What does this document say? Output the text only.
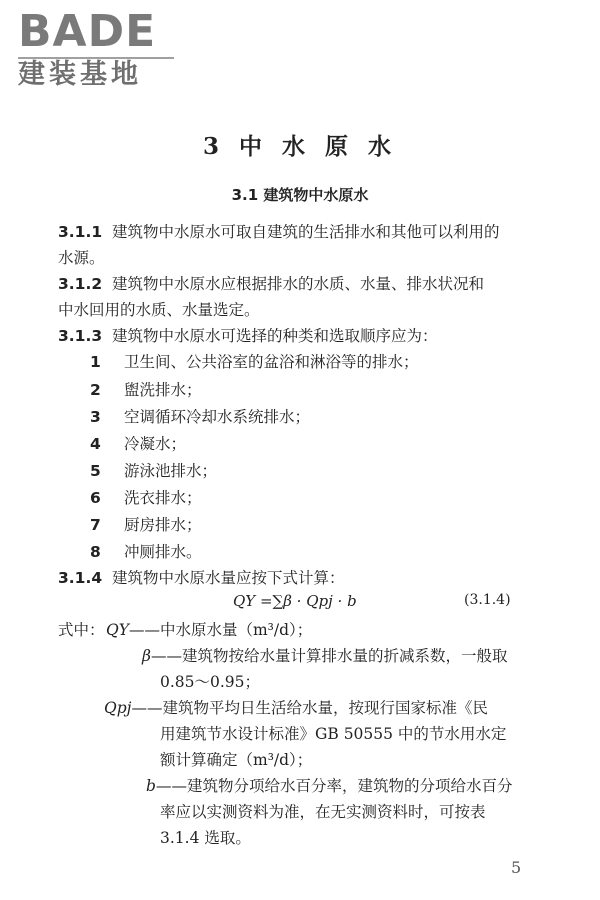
BADE
建装基地
3 中 水 原 水
3.1 建筑物中水原水
3.1.1 建筑物中水原水可取自建筑的生活排水和其他可以利用的
水源。
3.1.2 建筑物中水原水应根据排水的水质、水量、排水状况和
中水回用的水质、水量选定。
3.1.3 建筑物中水原水可选择的种类和选取顺序应为：
1 卫生间、公共浴室的盆浴和淋浴等的排水；
2 盥洗排水；
3 空调循环冷却水系统排水；
4 冷凝水；
5 游泳池排水；
6 洗衣排水；
7 厨房排水；
8 冲厕排水。
3.1.4 建筑物中水原水量应按下式计算：
QY =∑β · Qpj · b	(3.1.4)
式中： QY——中水原水量（m³/d）；
β——建筑物按给水量计算排水量的折减系数，一般取
0.85～0.95；
Qpj——建筑物平均日生活给水量，按现行国家标准《民
用建筑节水设计标准》GB 50555 中的节水用水定
额计算确定（m³/d）；
b——建筑物分项给水百分率，建筑物的分项给水百分
率应以实测资料为准，在无实测资料时，可按表
3.1.4 选取。
5
